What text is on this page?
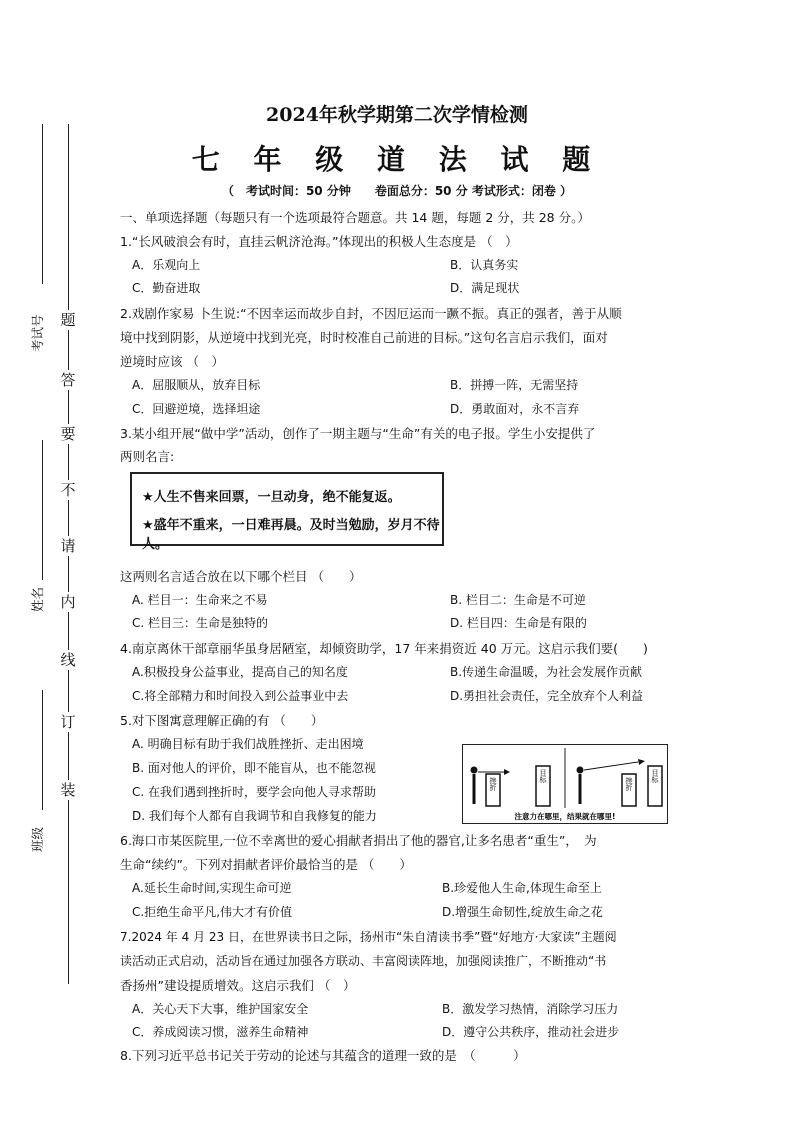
考试号
姓名
班级
题
答
要
不
请
内
线
订
装
2024年秋学期第二次学情检测
七 年 级 道 法 试 题
（　考试时间：50 分钟　　卷面总分：50 分 考试形式：闭卷 ）
一、单项选择题（每题只有一个选项最符合题意。共 14 题，每题 2 分，共 28 分。）
1.“长风破浪会有时，直挂云帆济沧海。”体现出的积极人生态度是 （　）
A．乐观向上	B．认真务实
C．勤奋进取	D．满足现状
2.戏剧作家易 卜生说:“不因幸运而故步自封，不因厄运而一蹶不振。真正的强者，善于从顺
境中找到阴影，从逆境中找到光亮，时时校准自己前进的目标。”这句名言启示我们，面对
逆境时应该 （　）
A．屈服顺从，放弃目标	B．拼搏一阵，无需坚持
C．回避逆境，选择坦途	D．勇敢面对，永不言弃
3.某小组开展“做中学”活动，创作了一期主题与“生命”有关的电子报。学生小安提供了
两则名言:
★人生不售来回票，一旦动身，绝不能复返。
★盛年不重来，一日难再晨。及时当勉励，岁月不待人。
这两则名言适合放在以下哪个栏目 （　　）
A. 栏目一：生命来之不易	B. 栏目二：生命是不可逆
C. 栏目三：生命是独特的	D. 栏目四：生命是有限的
4.南京离休干部章丽华虽身居陋室，却倾资助学，17 年来捐资近 40 万元。这启示我们要(　　)
A.积极投身公益事业，提高自己的知名度	B.传递生命温暖，为社会发展作贡献
C.将全部精力和时间投入到公益事业中去	D.勇担社会责任，完全放弃个人利益
5.对下图寓意理解正确的有 （　　）
A. 明确目标有助于我们战胜挫折、走出困境
B. 面对他人的评价，即不能盲从，也不能忽视
C. 在我们遇到挫折时，要学会向他人寻求帮助
D. 我们每个人都有自我调节和自我修复的能力
挫折
目标
挫折
目标
注意力在哪里，结果就在哪里!
6.海口市某医院里,一位不幸离世的爱心捐献者捐出了他的器官,让多名患者“重生”，　为
生命“续约”。下列对捐献者评价最恰当的是 （　　）
A.延长生命时间,实现生命可逆	B.珍爱他人生命,体现生命至上
C.拒绝生命平凡,伟大才有价值	D.增强生命韧性,绽放生命之花
7.2024 年 4 月 23 日，在世界读书日之际，扬州市“朱自清读书季”暨“好地方·大家读”主题阅
读活动正式启动，活动旨在通过加强各方联动、丰富阅读阵地，加强阅读推广，不断推动“书
香扬州”建设提质增效。这启示我们 （　）
A．关心天下大事，维护国家安全	B．激发学习热情，消除学习压力
C．养成阅读习惯，滋养生命精神	D．遵守公共秩序，推动社会进步
8.下列习近平总书记关于劳动的论述与其蕴含的道理一致的是　（　　　）
